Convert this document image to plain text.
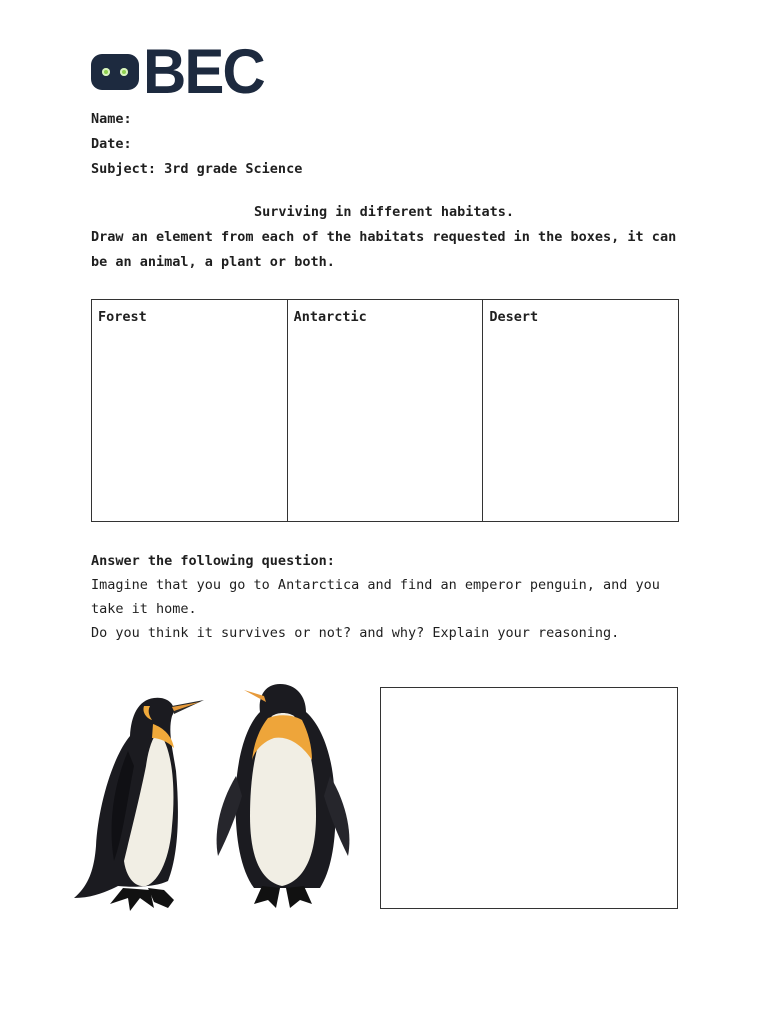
BEC
Name:
Date:
Subject: 3rd grade Science
Surviving in different habitats.
Draw an element from each of the habitats requested in the boxes, it can be an animal, a plant or both.
Forest	Antarctic	Desert
Answer the following question:
Imagine that you go to Antarctica and find an emperor penguin, and you take it home.
Do you think it survives or not? and why? Explain your reasoning.
